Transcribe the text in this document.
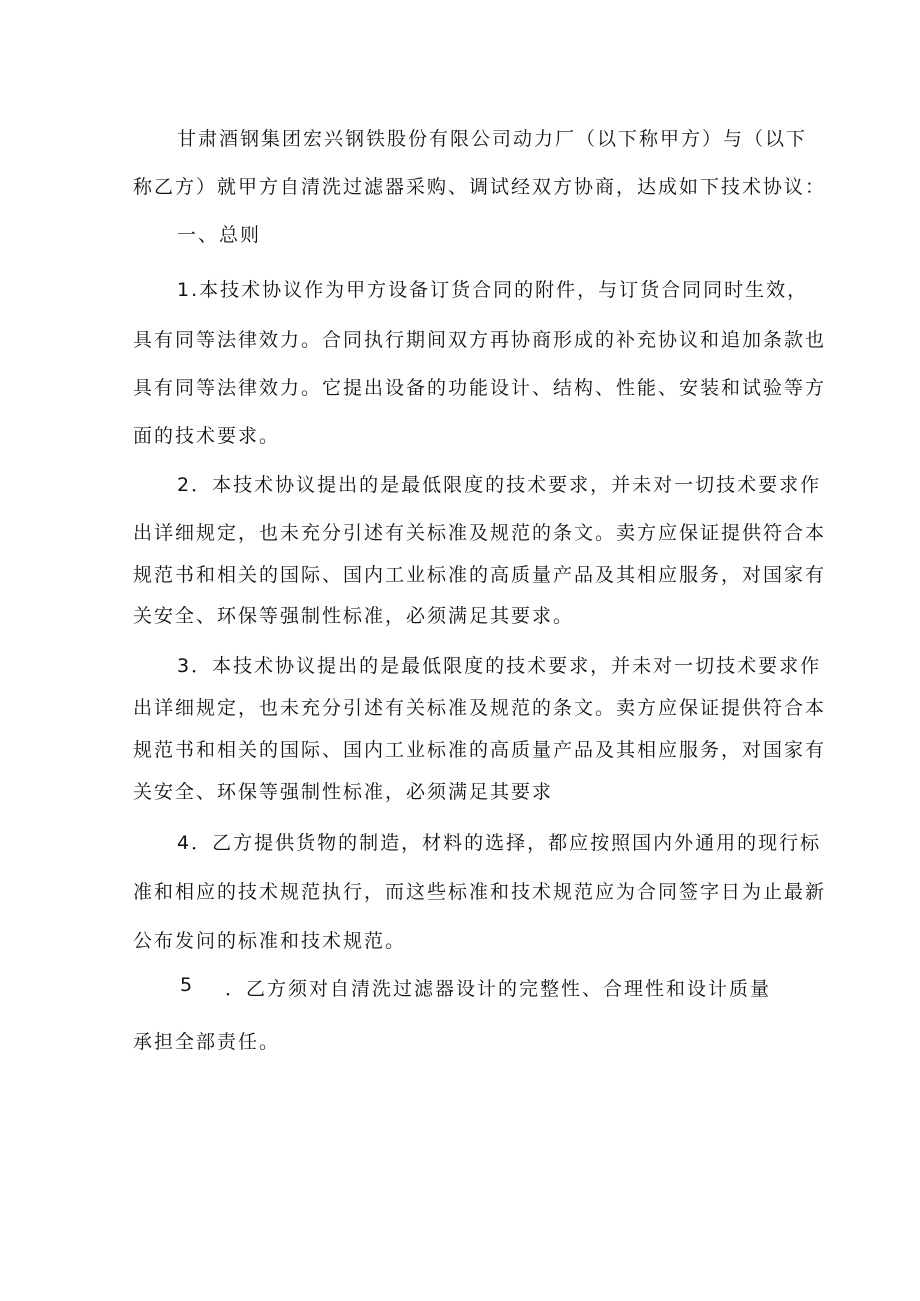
甘肃酒钢集团宏兴钢铁股份有限公司动力厂（以下称甲方）与（以下
称乙方）就甲方自清洗过滤器采购、调试经双方协商，达成如下技术协议：
一、总则
1.本技术协议作为甲方设备订货合同的附件，与订货合同同时生效，
具有同等法律效力。合同执行期间双方再协商形成的补充协议和追加条款也
具有同等法律效力。它提出设备的功能设计、结构、性能、安装和试验等方
面的技术要求。
2．本技术协议提出的是最低限度的技术要求，并未对一切技术要求作
出详细规定，也未充分引述有关标准及规范的条文。卖方应保证提供符合本
规范书和相关的国际、国内工业标准的高质量产品及其相应服务，对国家有
关安全、环保等强制性标准，必须满足其要求。
3．本技术协议提出的是最低限度的技术要求，并未对一切技术要求作
出详细规定，也未充分引述有关标准及规范的条文。卖方应保证提供符合本
规范书和相关的国际、国内工业标准的高质量产品及其相应服务，对国家有
关安全、环保等强制性标准，必须满足其要求
4．乙方提供货物的制造，材料的选择，都应按照国内外通用的现行标
准和相应的技术规范执行，而这些标准和技术规范应为合同签字日为止最新
公布发问的标准和技术规范。
5 ．乙方须对自清洗过滤器设计的完整性、合理性和设计质量
承担全部责任。
